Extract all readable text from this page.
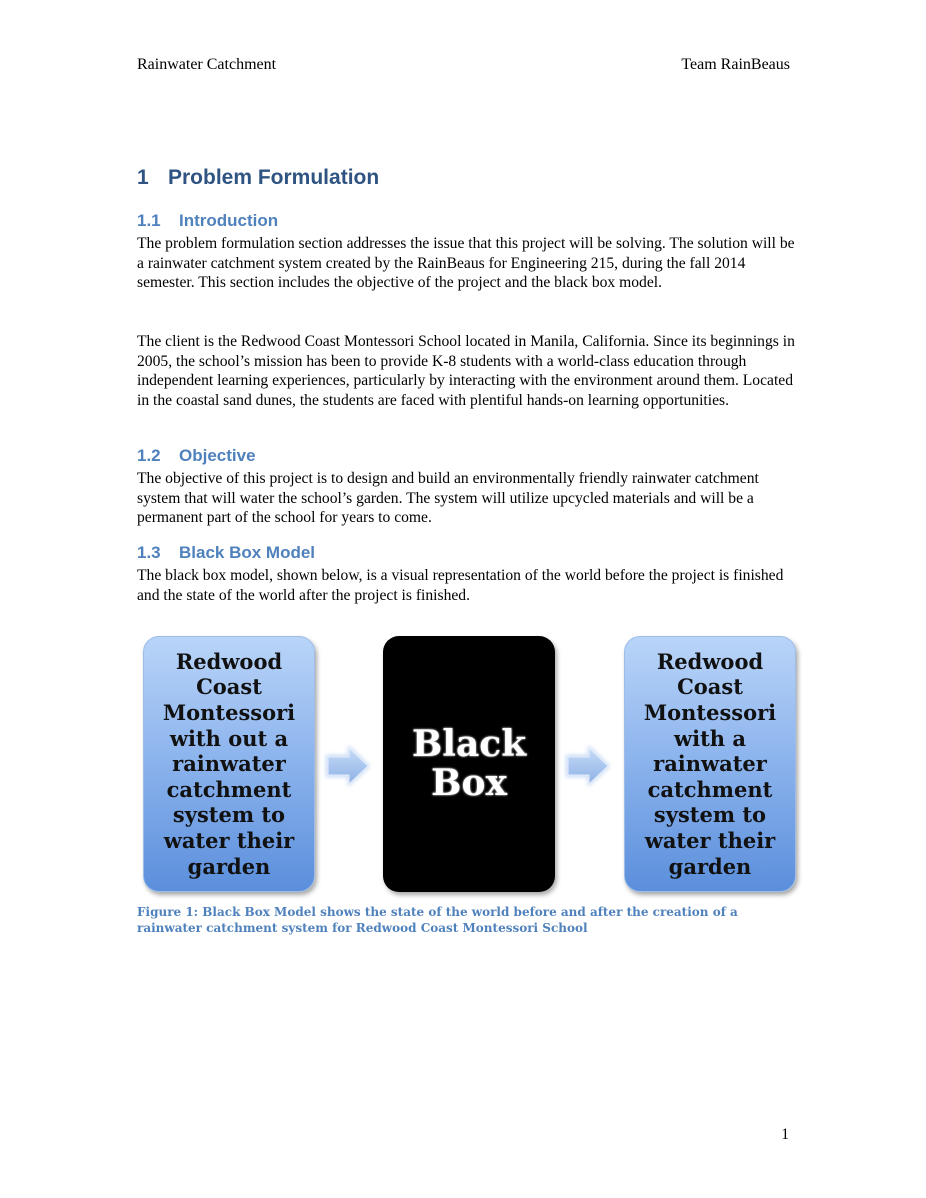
Rainwater Catchment	Team RainBeaus
1 Problem Formulation
1.1 Introduction

The problem formulation section addresses the issue that this project will be solving. The solution will be a rainwater catchment system created by the RainBeaus for Engineering 215, during the fall 2014 semester. This section includes the objective of the project and the black box model.

The client is the Redwood Coast Montessori School located in Manila, California. Since its beginnings in 2005, the school’s mission has been to provide K-8 students with a world-class education through independent learning experiences, particularly by interacting with the environment around them. Located in the coastal sand dunes, the students are faced with plentiful hands-on learning opportunities.

1.2 Objective

The objective of this project is to design and build an environmentally friendly rainwater catchment system that will water the school’s garden. The system will utilize upcycled materials and will be a permanent part of the school for years to come.

1.3 Black Box Model

The black box model, shown below, is a visual representation of the world before the project is finished and the state of the world after the project is finished.

Redwood Coast Montessori with out a rainwater catchment system to water their garden
Black Box
Redwood Coast Montessori with a rainwater catchment system to water their garden
Figure 1: Black Box Model shows the state of the world before and after the creation of a rainwater catchment system for Redwood Coast Montessori School
1
